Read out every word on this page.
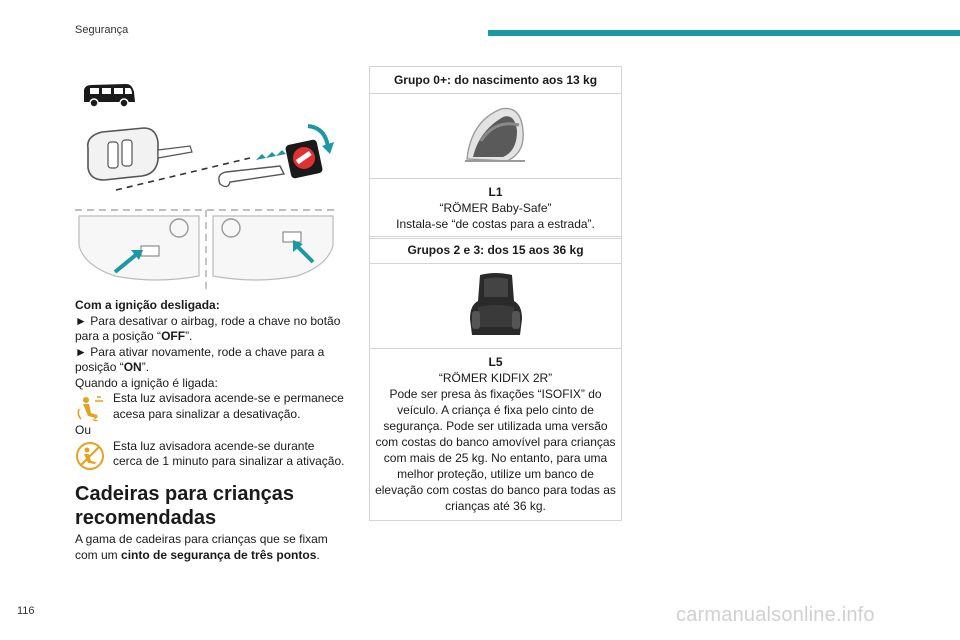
Segurança

Com a ignição desligada:

► Para desativar o airbag, rode a chave no botão para a posição “OFF”.

► Para ativar novamente, rode a chave para a posição “ON”.

Quando a ignição é ligada:

2
Esta luz avisadora acende-se e permanece acesa para sinalizar a desativação.

Ou

Esta luz avisadora acende-se durante cerca de 1 minuto para sinalizar a ativação.
Cadeiras para crianças recomendadas
A gama de cadeiras para crianças que se fixam com um cinto de segurança de três pontos.
Grupo 0+: do nascimento aos 13 kg
L1
“RÖMER Baby-Safe”
Instala-se “de costas para a estrada”.
Grupos 2 e 3: dos 15 aos 36 kg
L5
“RÖMER KIDFIX 2R”
Pode ser presa às fixações “ISOFIX” do veículo. A criança é fixa pelo cinto de segurança. Pode ser utilizada uma versão com costas do banco amovível para crianças com mais de 25 kg. No entanto, para uma melhor proteção, utilize um banco de elevação com costas do banco para todas as crianças até 36 kg.
116	carmanualsonline.info
